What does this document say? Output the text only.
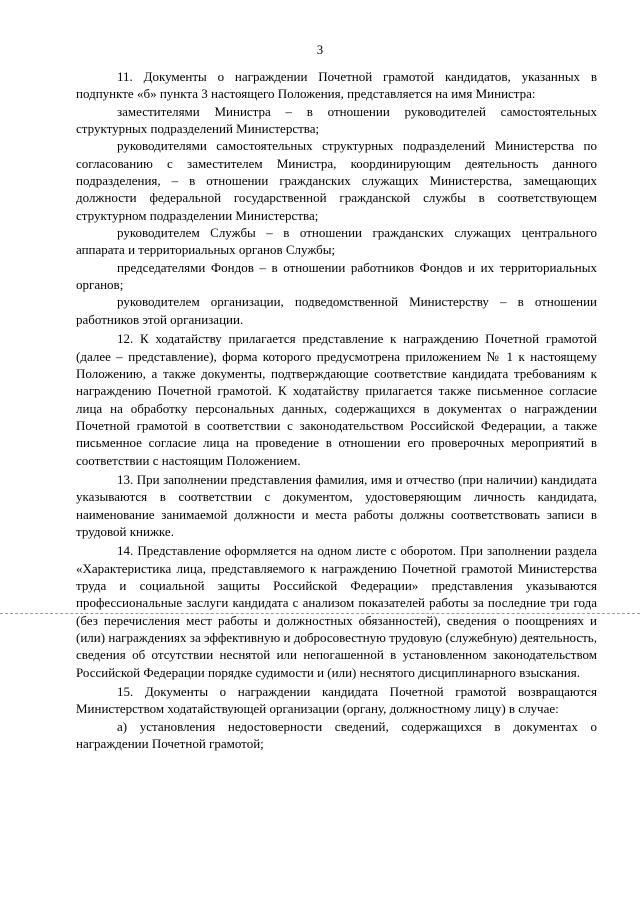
3

11. Документы о награждении Почетной грамотой кандидатов, указанных в подпункте «б» пункта 3 настоящего Положения, представляется на имя Министра:

заместителями Министра – в отношении руководителей самостоятельных структурных подразделений Министерства;

руководителями самостоятельных структурных подразделений Министерства по согласованию с заместителем Министра, координирующим деятельность данного подразделения, – в отношении гражданских служащих Министерства, замещающих должности федеральной государственной гражданской службы в соответствующем структурном подразделении Министерства;

руководителем Службы – в отношении гражданских служащих центрального аппарата и территориальных органов Службы;

председателями Фондов – в отношении работников Фондов и их территориальных органов;

руководителем организации, подведомственной Министерству – в отношении работников этой организации.

12. К ходатайству прилагается представление к награждению Почетной грамотой (далее – представление), форма которого предусмотрена приложением № 1 к настоящему Положению, а также документы, подтверждающие соответствие кандидата требованиям к награждению Почетной грамотой. К ходатайству прилагается также письменное согласие лица на обработку персональных данных, содержащихся в документах о награждении Почетной грамотой в соответствии с законодательством Российской Федерации, а также письменное согласие лица на проведение в отношении его проверочных мероприятий в соответствии с настоящим Положением.

13. При заполнении представления фамилия, имя и отчество (при наличии) кандидата указываются в соответствии с документом, удостоверяющим личность кандидата, наименование занимаемой должности и места работы должны соответствовать записи в трудовой книжке.

14. Представление оформляется на одном листе с оборотом. При заполнении раздела «Характеристика лица, представляемого к награждению Почетной грамотой Министерства труда и социальной защиты Российской Федерации» представления указываются профессиональные заслуги кандидата с анализом показателей работы за последние три года (без перечисления мест работы и должностных обязанностей), сведения о поощрениях и (или) награждениях за эффективную и добросовестную трудовую (служебную) деятельность, сведения об отсутствии неснятой или непогашенной в установленном законодательством Российской Федерации порядке судимости и (или) неснятого дисциплинарного взыскания.

15. Документы о награждении кандидата Почетной грамотой возвращаются Министерством ходатайствующей организации (органу, должностному лицу) в случае:

а) установления недостоверности сведений, содержащихся в документах о награждении Почетной грамотой;
